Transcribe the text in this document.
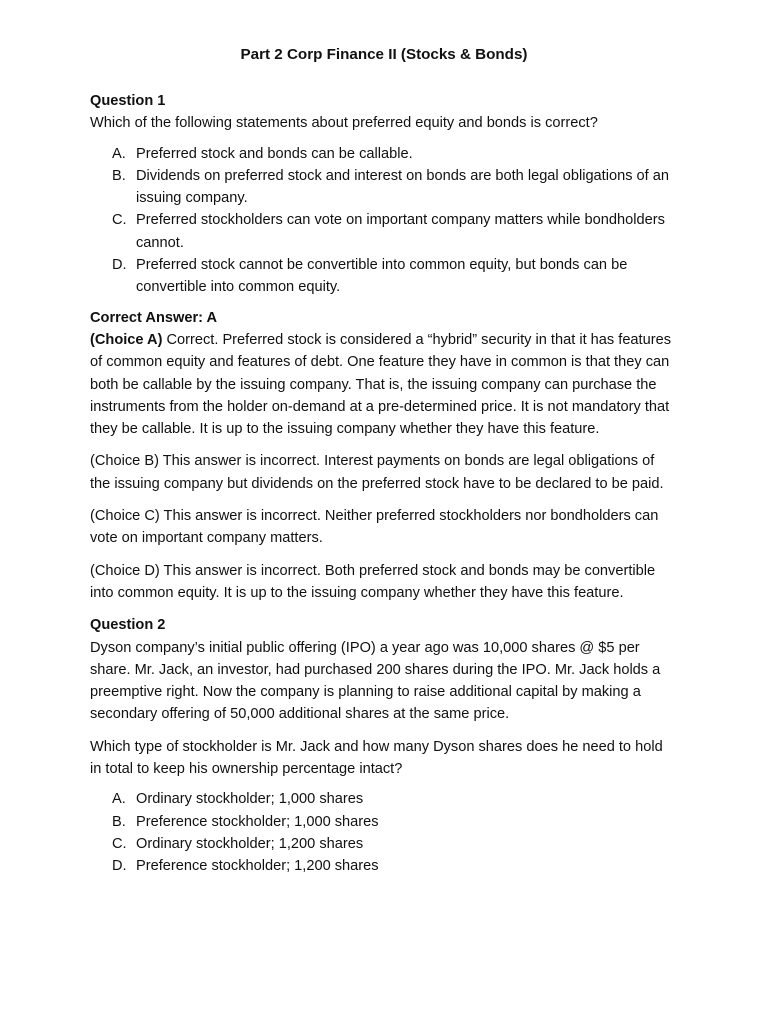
Part 2 Corp Finance II (Stocks & Bonds)

Question 1

Which of the following statements about preferred equity and bonds is correct?

A. Preferred stock and bonds can be callable.
B. Dividends on preferred stock and interest on bonds are both legal obligations of an issuing company.
C. Preferred stockholders can vote on important company matters while bondholders cannot.
D. Preferred stock cannot be convertible into common equity, but bonds can be convertible into common equity.

Correct Answer: A

(Choice A) Correct. Preferred stock is considered a “hybrid” security in that it has features of common equity and features of debt. One feature they have in common is that they can both be callable by the issuing company. That is, the issuing company can purchase the instruments from the holder on-demand at a pre-determined price. It is not mandatory that they be callable. It is up to the issuing company whether they have this feature.

(Choice B) This answer is incorrect. Interest payments on bonds are legal obligations of the issuing company but dividends on the preferred stock have to be declared to be paid.

(Choice C) This answer is incorrect. Neither preferred stockholders nor bondholders can vote on important company matters.

(Choice D) This answer is incorrect. Both preferred stock and bonds may be convertible into common equity. It is up to the issuing company whether they have this feature.

Question 2

Dyson company’s initial public offering (IPO) a year ago was 10,000 shares @ $5 per share. Mr. Jack, an investor, had purchased 200 shares during the IPO. Mr. Jack holds a preemptive right. Now the company is planning to raise additional capital by making a secondary offering of 50,000 additional shares at the same price.

Which type of stockholder is Mr. Jack and how many Dyson shares does he need to hold in total to keep his ownership percentage intact?

A. Ordinary stockholder; 1,000 shares
B. Preference stockholder; 1,000 shares
C. Ordinary stockholder; 1,200 shares
D. Preference stockholder; 1,200 shares
